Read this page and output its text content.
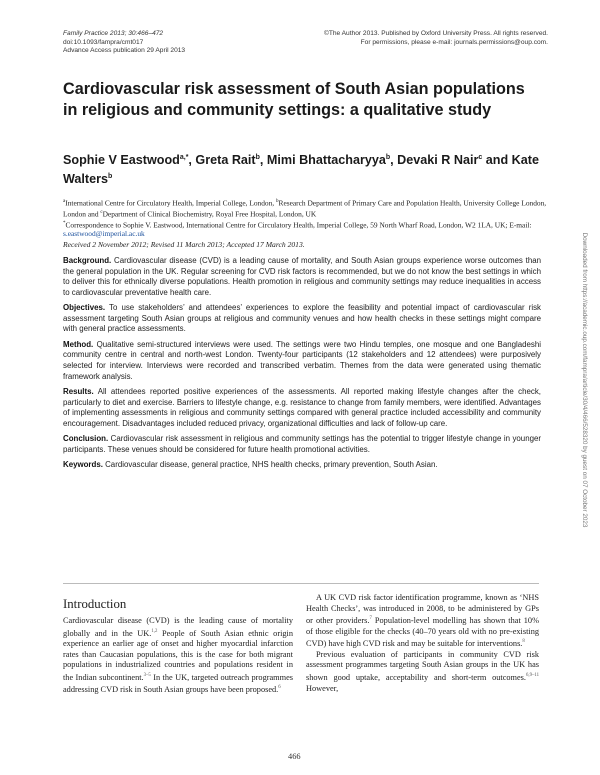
Family Practice 2013; 30:466–472
doi:10.1093/fampra/cmt017
Advance Access publication 29 April 2013
©The Author 2013. Published by Oxford University Press. All rights reserved.
For permissions, please e-mail: journals.permissions@oup.com.
Cardiovascular risk assessment of South Asian populations in religious and community settings: a qualitative study
Sophie V Eastwood$^{a,*}$, Greta Rait$^b$, Mimi Bhattacharyya$^b$, Devaki R Nair$^c$ and Kate Walters$^b$
$^a$International Centre for Circulatory Health, Imperial College, London, $^b$Research Department of Primary Care and Population Health, University College London, London and $^c$Department of Clinical Biochemistry, Royal Free Hospital, London, UK
*Correspondence to Sophie V. Eastwood, International Centre for Circulatory Health, Imperial College, 59 North Wharf Road, London, W2 1LA, UK; E-mail: s.eastwood@imperial.ac.uk
Received 2 November 2012; Revised 11 March 2013; Accepted 17 March 2013.

Background. Cardiovascular disease (CVD) is a leading cause of mortality, and South Asian groups experience worse outcomes than the general population in the UK. Regular screening for CVD risk factors is recommended, but we do not know the best settings in which to deliver this for ethnically diverse populations. Health promotion in religious and community settings may reduce inequalities in access to cardiovascular preventative health care.

Objectives. To use stakeholders’ and attendees’ experiences to explore the feasibility and potential impact of cardiovascular risk assessment targeting South Asian groups at religious and community venues and how health checks in these settings might compare with general practice assessments.

Method. Qualitative semi-structured interviews were used. The settings were two Hindu temples, one mosque and one Bangladeshi community centre in central and north-west London. Twenty-four participants (12 stakeholders and 12 attendees) were purposively selected for interview. Interviews were recorded and transcribed verbatim. Themes from the data were generated using thematic framework analysis.

Results. All attendees reported positive experiences of the assessments. All reported making lifestyle changes after the check, particularly to diet and exercise. Barriers to lifestyle change, e.g. resistance to change from family members, were identified. Advantages of implementing assessments in religious and community settings compared with general practice included accessibility and community encouragement. Disadvantages included reduced privacy, organizational difficulties and lack of follow-up care.

Conclusion. Cardiovascular risk assessment in religious and community settings has the potential to trigger lifestyle change in younger participants. These venues should be considered for future health promotional activities.

Keywords. Cardiovascular disease, general practice, NHS health checks, primary prevention, South Asian.

Introduction

Cardiovascular disease (CVD) is the leading cause of mortality globally and in the UK.$^{1,2}$ People of South Asian ethnic origin experience an earlier age of onset and higher myocardial infarction rates than Caucasian populations, this is the case for both migrant populations in industrialized countries and populations resident in the Indian subcontinent.$^{3-5}$ In the UK, targeted outreach programmes addressing CVD risk in South Asian groups have been proposed.$^6$

A UK CVD risk factor identification programme, known as ‘NHS Health Checks’, was introduced in 2008, to be administered by GPs or other providers.$^7$ Population-level modelling has shown that 10% of those eligible for the checks (40–70 years old with no pre-existing CVD) have high CVD risk and may be suitable for interventions.$^8$

Previous evaluation of participants in community CVD risk assessment programmes targeting South Asian groups in the UK has shown good uptake, acceptability and short-term outcomes.$^{6,9-11}$ However,

466
Downloaded from https://academic.oup.com/fampra/article/30/4/466/528320 by guest on 07 October 2023
